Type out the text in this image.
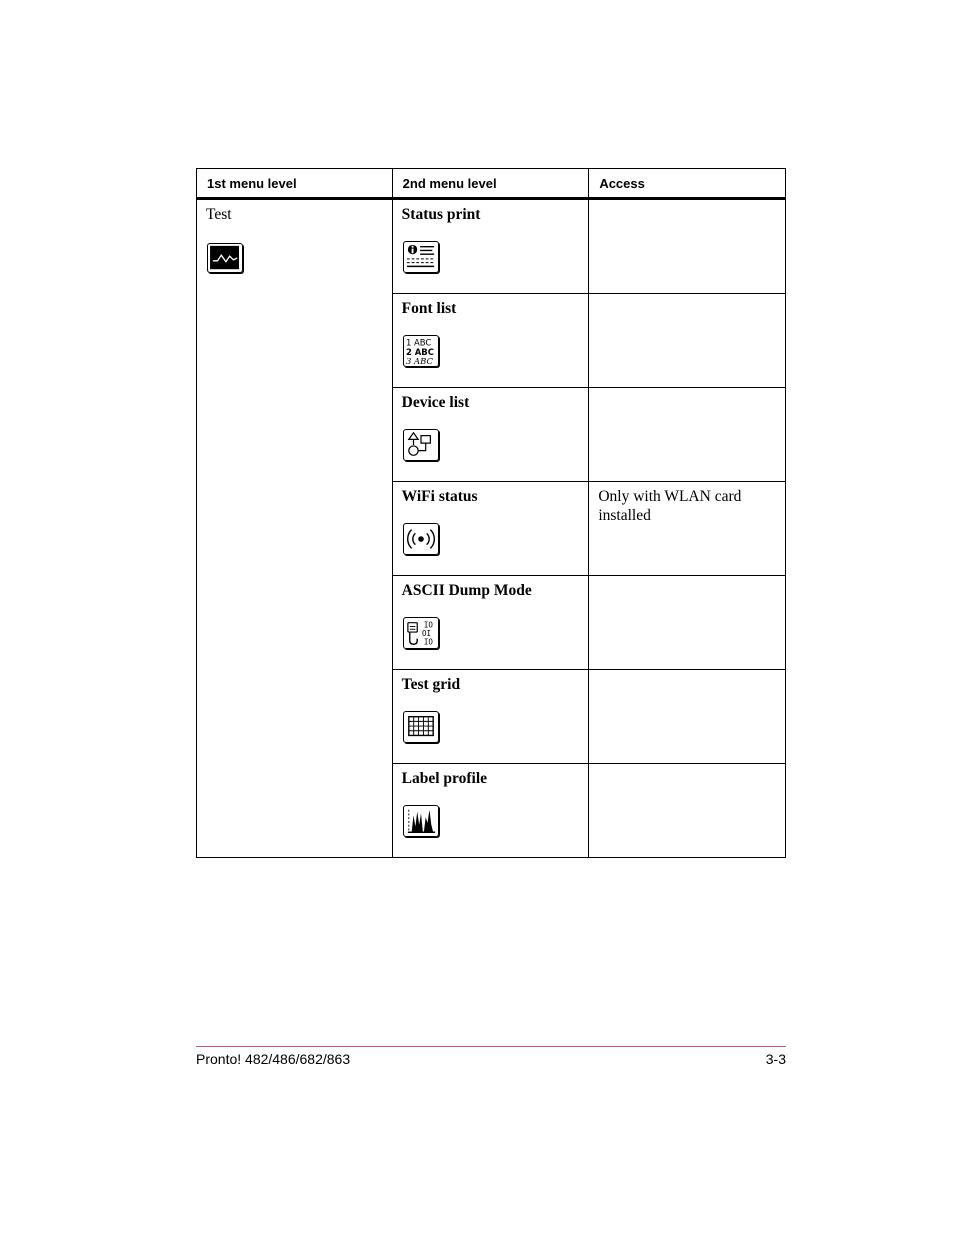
1st menu level	2nd menu level	Access

Test	Status print	

	Font list
1 ABC
2 ABC
3 ABC	

	Device list	

	WiFi status	Only with WLAN card installed

	ASCII Dump Mode
IO
OI
IO	

	Test grid	

	Label profile	

Pronto! 482/486/682/863	3-3
